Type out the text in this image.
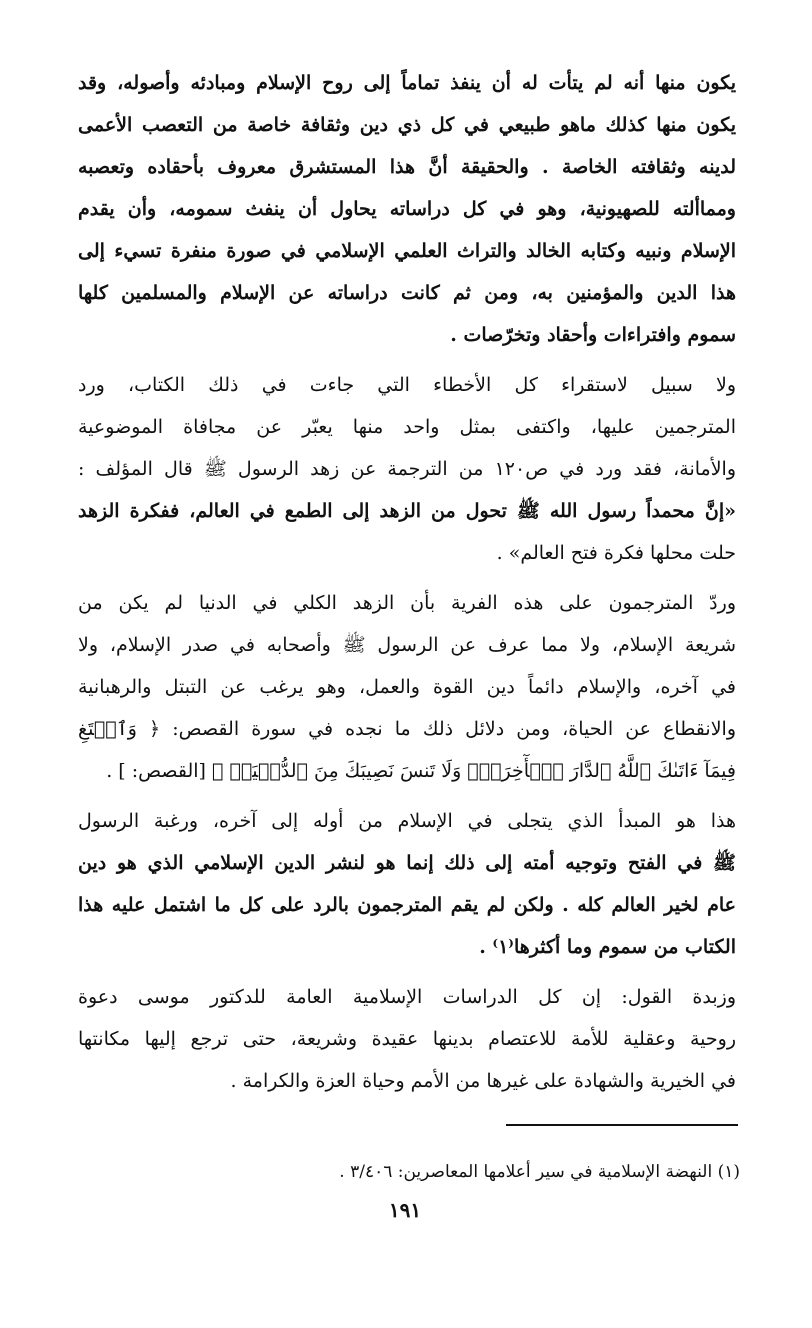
يكون منها أنه لم يتأت له أن ينفذ تماماً إلى روح الإسلام ومبادئه وأصوله، وقد
يكون منها كذلك ماهو طبيعي في كل ذي دين وثقافة خاصة من التعصب الأعمى
لدينه وثقافته الخاصة . والحقيقة أنَّ هذا المستشرق معروف بأحقاده وتعصبه
ومماألته للصهيونية، وهو في كل دراساته يحاول أن ينفث سمومه، وأن يقدم
الإسلام ونبيه وكتابه الخالد والتراث العلمي الإسلامي في صورة منفرة تسيء إلى
هذا الدين والمؤمنين به، ومن ثم كانت دراساته عن الإسلام والمسلمين كلها
سموم وافتراءات وأحقاد وتخرّصات .
ولا سبيل لاستقراء كل الأخطاء التي جاءت في ذلك الكتاب، ورد
المترجمين عليها، واكتفى بمثل واحد منها يعبّر عن مجافاة الموضوعية
والأمانة، فقد ورد في ص١٢٠ من الترجمة عن زهد الرسول ﷺ قال المؤلف :
«إنَّ محمداً رسول الله ﷺ تحول من الزهد إلى الطمع في العالم، ففكرة الزهد
حلت محلها فكرة فتح العالم» .
وردّ المترجمون على هذه الفرية بأن الزهد الكلي في الدنيا لم يكن من
شريعة الإسلام، ولا مما عرف عن الرسول ﷺ وأصحابه في صدر الإسلام، ولا
في آخره، والإسلام دائماً دين القوة والعمل، وهو يرغب عن التبتل والرهبانية
والانقطاع عن الحياة، ومن دلائل ذلك ما نجده في سورة القصص: ﴿ وَٱبۡتَغِ
فِيمَآ ءَاتَىٰكَ ٱللَّهُ ٱلدَّارَ ٱلۡأٓخِرَةَۖ وَلَا تَنسَ نَصِيبَكَ مِنَ ٱلدُّنۡيَاۖ ﴾ [القصص: ] .
هذا هو المبدأ الذي يتجلى في الإسلام من أوله إلى آخره، ورغبة الرسول
ﷺ في الفتح وتوجيه أمته إلى ذلك إنما هو لنشر الدين الإسلامي الذي هو دين
عام لخير العالم كله . ولكن لم يقم المترجمون بالرد على كل ما اشتمل عليه هذا
الكتاب من سموم وما أكثرها⁽١⁾ .
وزبدة القول: إن كل الدراسات الإسلامية العامة للدكتور موسى دعوة
روحية وعقلية للأمة للاعتصام بدينها عقيدة وشريعة، حتى ترجع إليها مكانتها
في الخيرية والشهادة على غيرها من الأمم وحياة العزة والكرامة .
(١) النهضة الإسلامية في سير أعلامها المعاصرين: ٣/٤٠٦ .
١٩١
